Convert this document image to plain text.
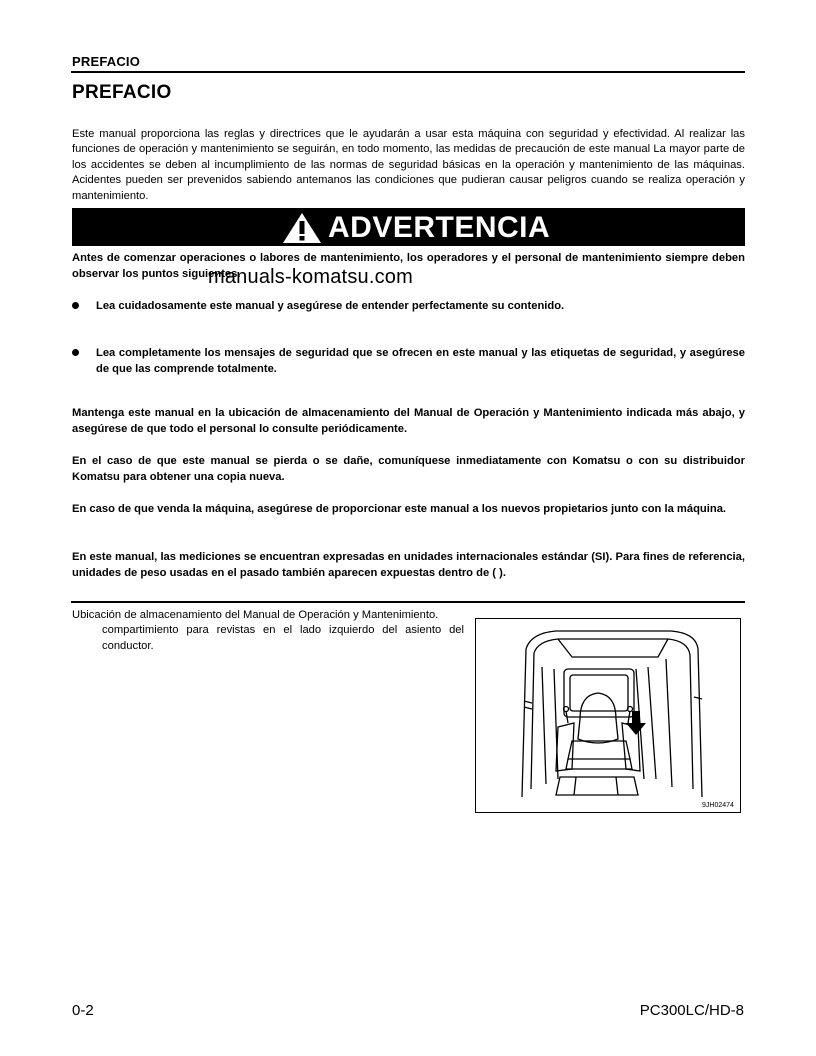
PREFACIO
PREFACIO
Este manual proporciona las reglas y directrices que le ayudarán a usar esta máquina con seguridad y efectividad. Al realizar las funciones de operación y mantenimiento se seguirán, en todo momento, las medidas de precaución de este manual La mayor parte de los accidentes se deben al incumplimiento de las normas de seguridad básicas en la operación y mantenimiento de las máquinas. Acidentes pueden ser prevenidos sabiendo antemanos las condiciones que pudieran causar peligros cuando se realiza operación y mantenimiento.
ADVERTENCIA
Antes de comenzar operaciones o labores de mantenimiento, los operadores y el personal de mantenimiento siempre deben observar los puntos siguientes.
manuals-komatsu.com
Lea cuidadosamente este manual y asegúrese de entender perfectamente su contenido.
Lea completamente los mensajes de seguridad que se ofrecen en este manual y las etiquetas de seguridad, y asegúrese de que las comprende totalmente.
Mantenga este manual en la ubicación de almacenamiento del Manual de Operación y Mantenimiento indicada más abajo, y asegúrese de que todo el personal lo consulte periódicamente.
En el caso de que este manual se pierda o se dañe, comuníquese inmediatamente con Komatsu o con su distribuidor Komatsu para obtener una copia nueva.
En caso de que venda la máquina, asegúrese de proporcionar este manual a los nuevos propietarios junto con la máquina.
En este manual, las mediciones se encuentran expresadas en unidades internacionales estándar (SI). Para fines de referencia, unidades de peso usadas en el pasado también aparecen expuestas dentro de ( ).
Ubicación de almacenamiento del Manual de Operación y Mantenimiento.
compartimiento para revistas en el lado izquierdo del asiento del conductor.
9JH02474
0-2	PC300LC/HD-8
